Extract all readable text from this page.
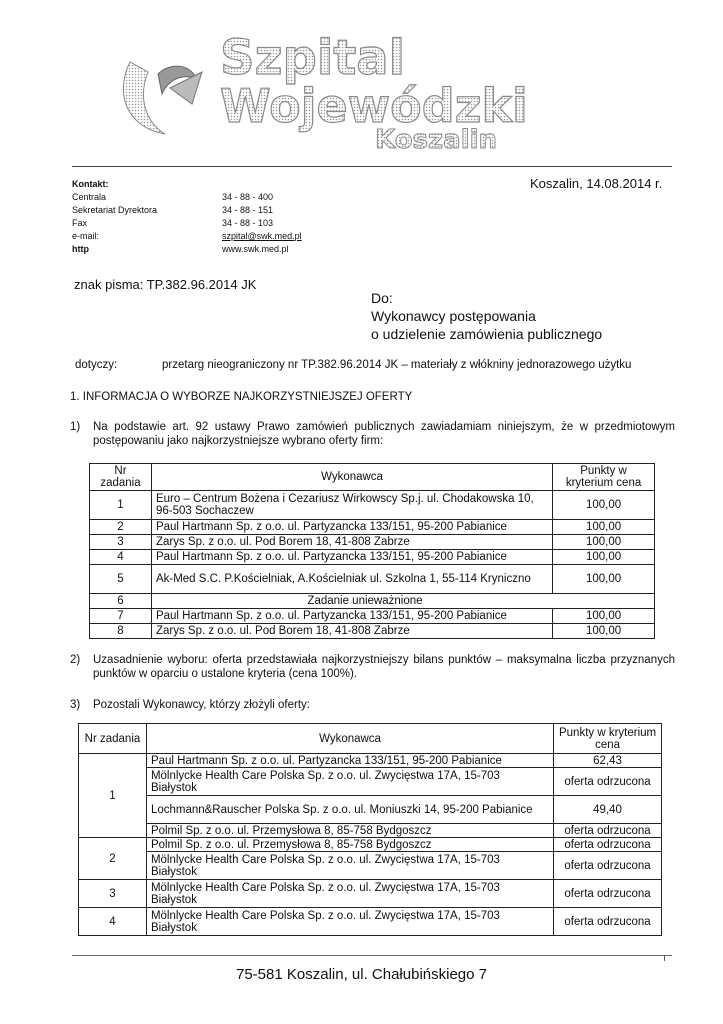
Szpital
Wojewódzki
Koszalin
Kontakt:
Centrala	34 - 88 - 400
Sekretariat Dyrektora	34 - 88 - 151
Fax	34 - 88 - 103
e-mail:	szpital@swk.med.pl
http	www.swk.med.pl
Koszalin, 14.08.2014 r.
znak pisma: TP.382.96.2014 JK
Do:
Wykonawcy postępowania
o udzielenie zamówienia publicznego
dotyczy:	przetarg nieograniczony nr TP.382.96.2014 JK – materiały z włókniny jednorazowego użytku
1. INFORMACJA O WYBORZE NAJKORZYSTNIEJSZEJ OFERTY
1) Na podstawie art. 92 ustawy Prawo zamówień publicznych zawiadamiam niniejszym, że w przedmiotowym postępowaniu jako najkorzystniejsze wybrano oferty firm:
Nr zadania	Wykonawca	Punkty w kryterium cena
1	Euro – Centrum Bożena i Cezariusz Wirkowscy Sp.j. ul. Chodakowska 10, 96-503 Sochaczew	100,00
2	Paul Hartmann Sp. z o.o. ul. Partyzancka 133/151, 95-200 Pabianice	100,00
3	Zarys Sp. z o.o. ul. Pod Borem 18, 41-808 Zabrze	100,00
4	Paul Hartmann Sp. z o.o. ul. Partyzancka 133/151, 95-200 Pabianice	100,00
5	Ak-Med S.C. P.Kościelniak, A.Kościelniak ul. Szkolna 1, 55-114 Kryniczno	100,00
6	Zadanie unieważnione	
7	Paul Hartmann Sp. z o.o. ul. Partyzancka 133/151, 95-200 Pabianice	100,00
8	Zarys Sp. z o.o. ul. Pod Borem 18, 41-808 Zabrze	100,00
2) Uzasadnienie wyboru: oferta przedstawiała najkorzystniejszy bilans punktów – maksymalna liczba przyznanych punktów w oparciu o ustalone kryteria (cena 100%).
3) Pozostali Wykonawcy, którzy złożyli oferty:
Nr zadania	Wykonawca	Punkty w kryterium cena
1	Paul Hartmann Sp. z o.o. ul. Partyzancka 133/151, 95-200 Pabianice	62,43
	Mölnlycke Health Care Polska Sp. z o.o. ul. Zwycięstwa 17A, 15-703 Białystok	oferta odrzucona
	Lochmann&Rauscher Polska Sp. z o.o. ul. Moniuszki 14, 95-200 Pabianice	49,40
	Polmil Sp. z o.o. ul. Przemysłowa 8, 85-758 Bydgoszcz	oferta odrzucona
2	Polmil Sp. z o.o. ul. Przemysłowa 8, 85-758 Bydgoszcz	oferta odrzucona
	Mölnlycke Health Care Polska Sp. z o.o. ul. Zwycięstwa 17A, 15-703 Białystok	oferta odrzucona
3	Mölnlycke Health Care Polska Sp. z o.o. ul. Zwycięstwa 17A, 15-703 Białystok	oferta odrzucona
4	Mölnlycke Health Care Polska Sp. z o.o. ul. Zwycięstwa 17A, 15-703 Białystok	oferta odrzucona
75-581 Koszalin, ul. Chałubińskiego 7
